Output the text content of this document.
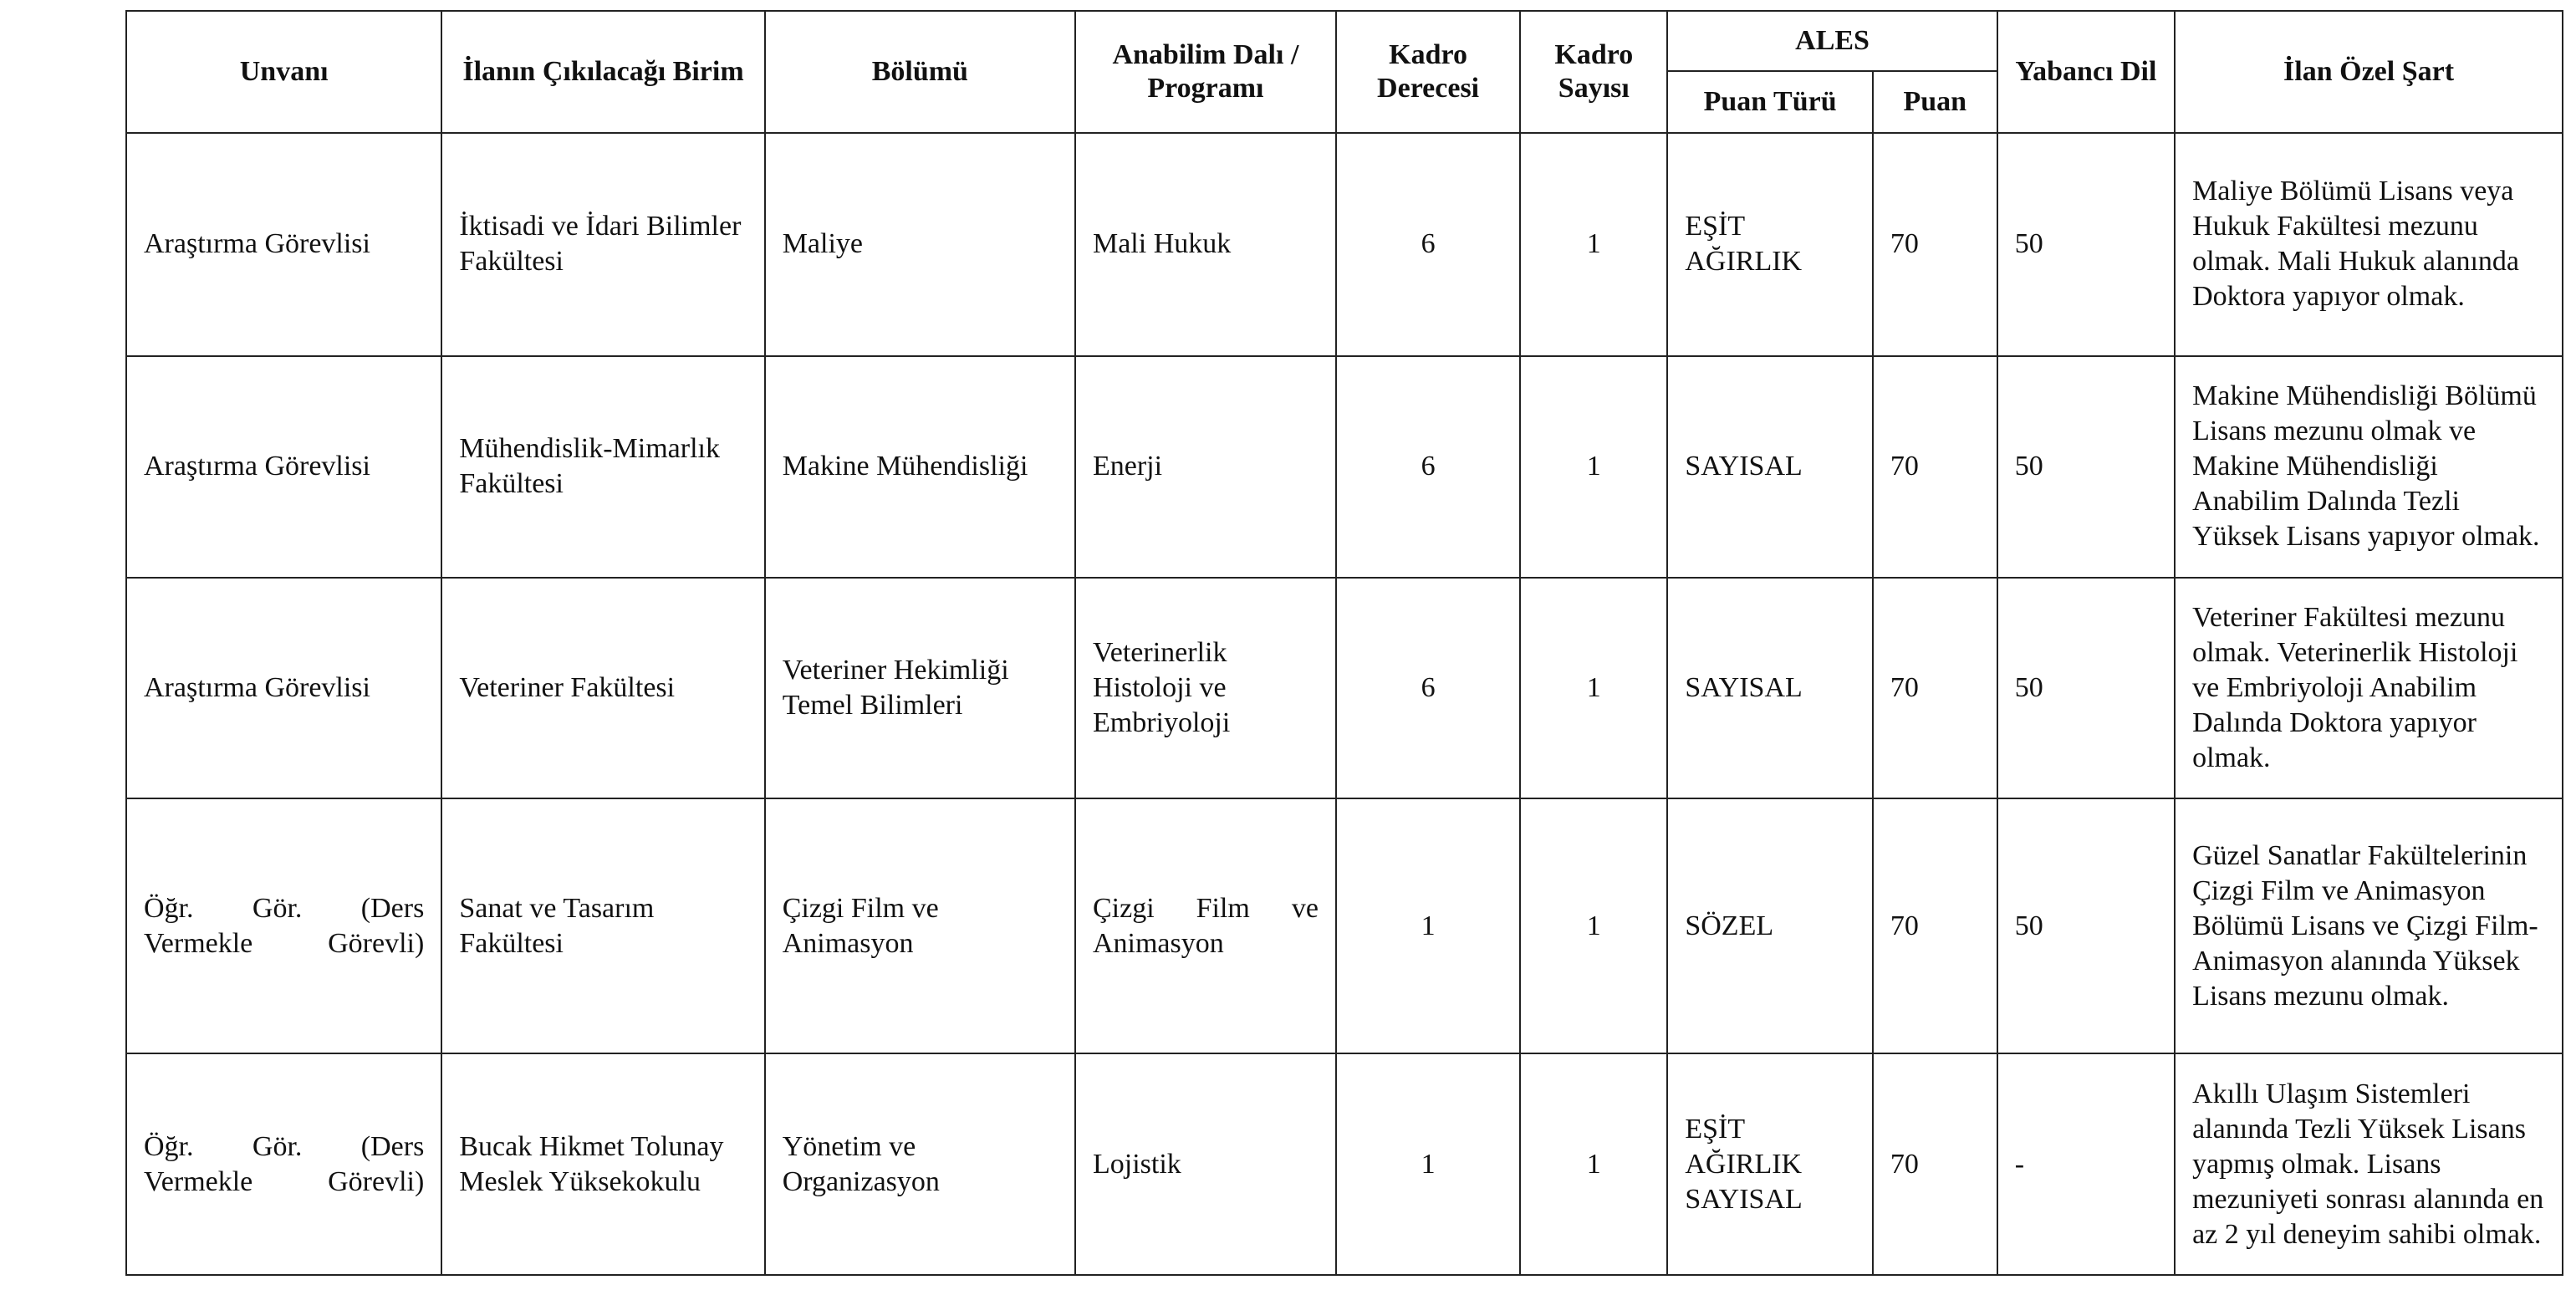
Unvanı	İlanın Çıkılacağı Birim	Bölümü	Anabilim Dalı / Programı	Kadro Derecesi	Kadro Sayısı	ALES		Yabancı Dil	İlan Özel Şart
						Puan Türü	Puan		
Araştırma Görevlisi	İktisadi ve İdari Bilimler Fakültesi	Maliye	Mali Hukuk	6	1	EŞİT AĞIRLIK	70	50	Maliye Bölümü Lisans veya Hukuk Fakültesi mezunu olmak. Mali Hukuk alanında Doktora yapıyor olmak.
Araştırma Görevlisi	Mühendislik-Mimarlık Fakültesi	Makine Mühendisliği	Enerji	6	1	SAYISAL	70	50	Makine Mühendisliği Bölümü Lisans mezunu olmak ve Makine Mühendisliği Anabilim Dalında Tezli Yüksek Lisans yapıyor olmak.
Araştırma Görevlisi	Veteriner Fakültesi	Veteriner Hekimliği Temel Bilimleri	Veterinerlik Histoloji ve Embriyoloji	6	1	SAYISAL	70	50	Veteriner Fakültesi mezunu olmak. Veterinerlik Histoloji ve Embriyoloji Anabilim Dalında Doktora yapıyor olmak.
Öğr. Gör. (Ders Vermekle Görevli)	Sanat ve Tasarım Fakültesi	Çizgi Film ve Animasyon	Çizgi Film ve Animasyon	1	1	SÖZEL	70	50	Güzel Sanatlar Fakültelerinin Çizgi Film ve Animasyon Bölümü Lisans ve Çizgi Film-Animasyon alanında Yüksek Lisans mezunu olmak.
Öğr. Gör. (Ders Vermekle Görevli)	Bucak Hikmet Tolunay Meslek Yüksekokulu	Yönetim ve Organizasyon	Lojistik	1	1	EŞİT AĞIRLIK SAYISAL	70	-	Akıllı Ulaşım Sistemleri alanında Tezli Yüksek Lisans yapmış olmak. Lisans mezuniyeti sonrası alanında en az 2 yıl deneyim sahibi olmak.
